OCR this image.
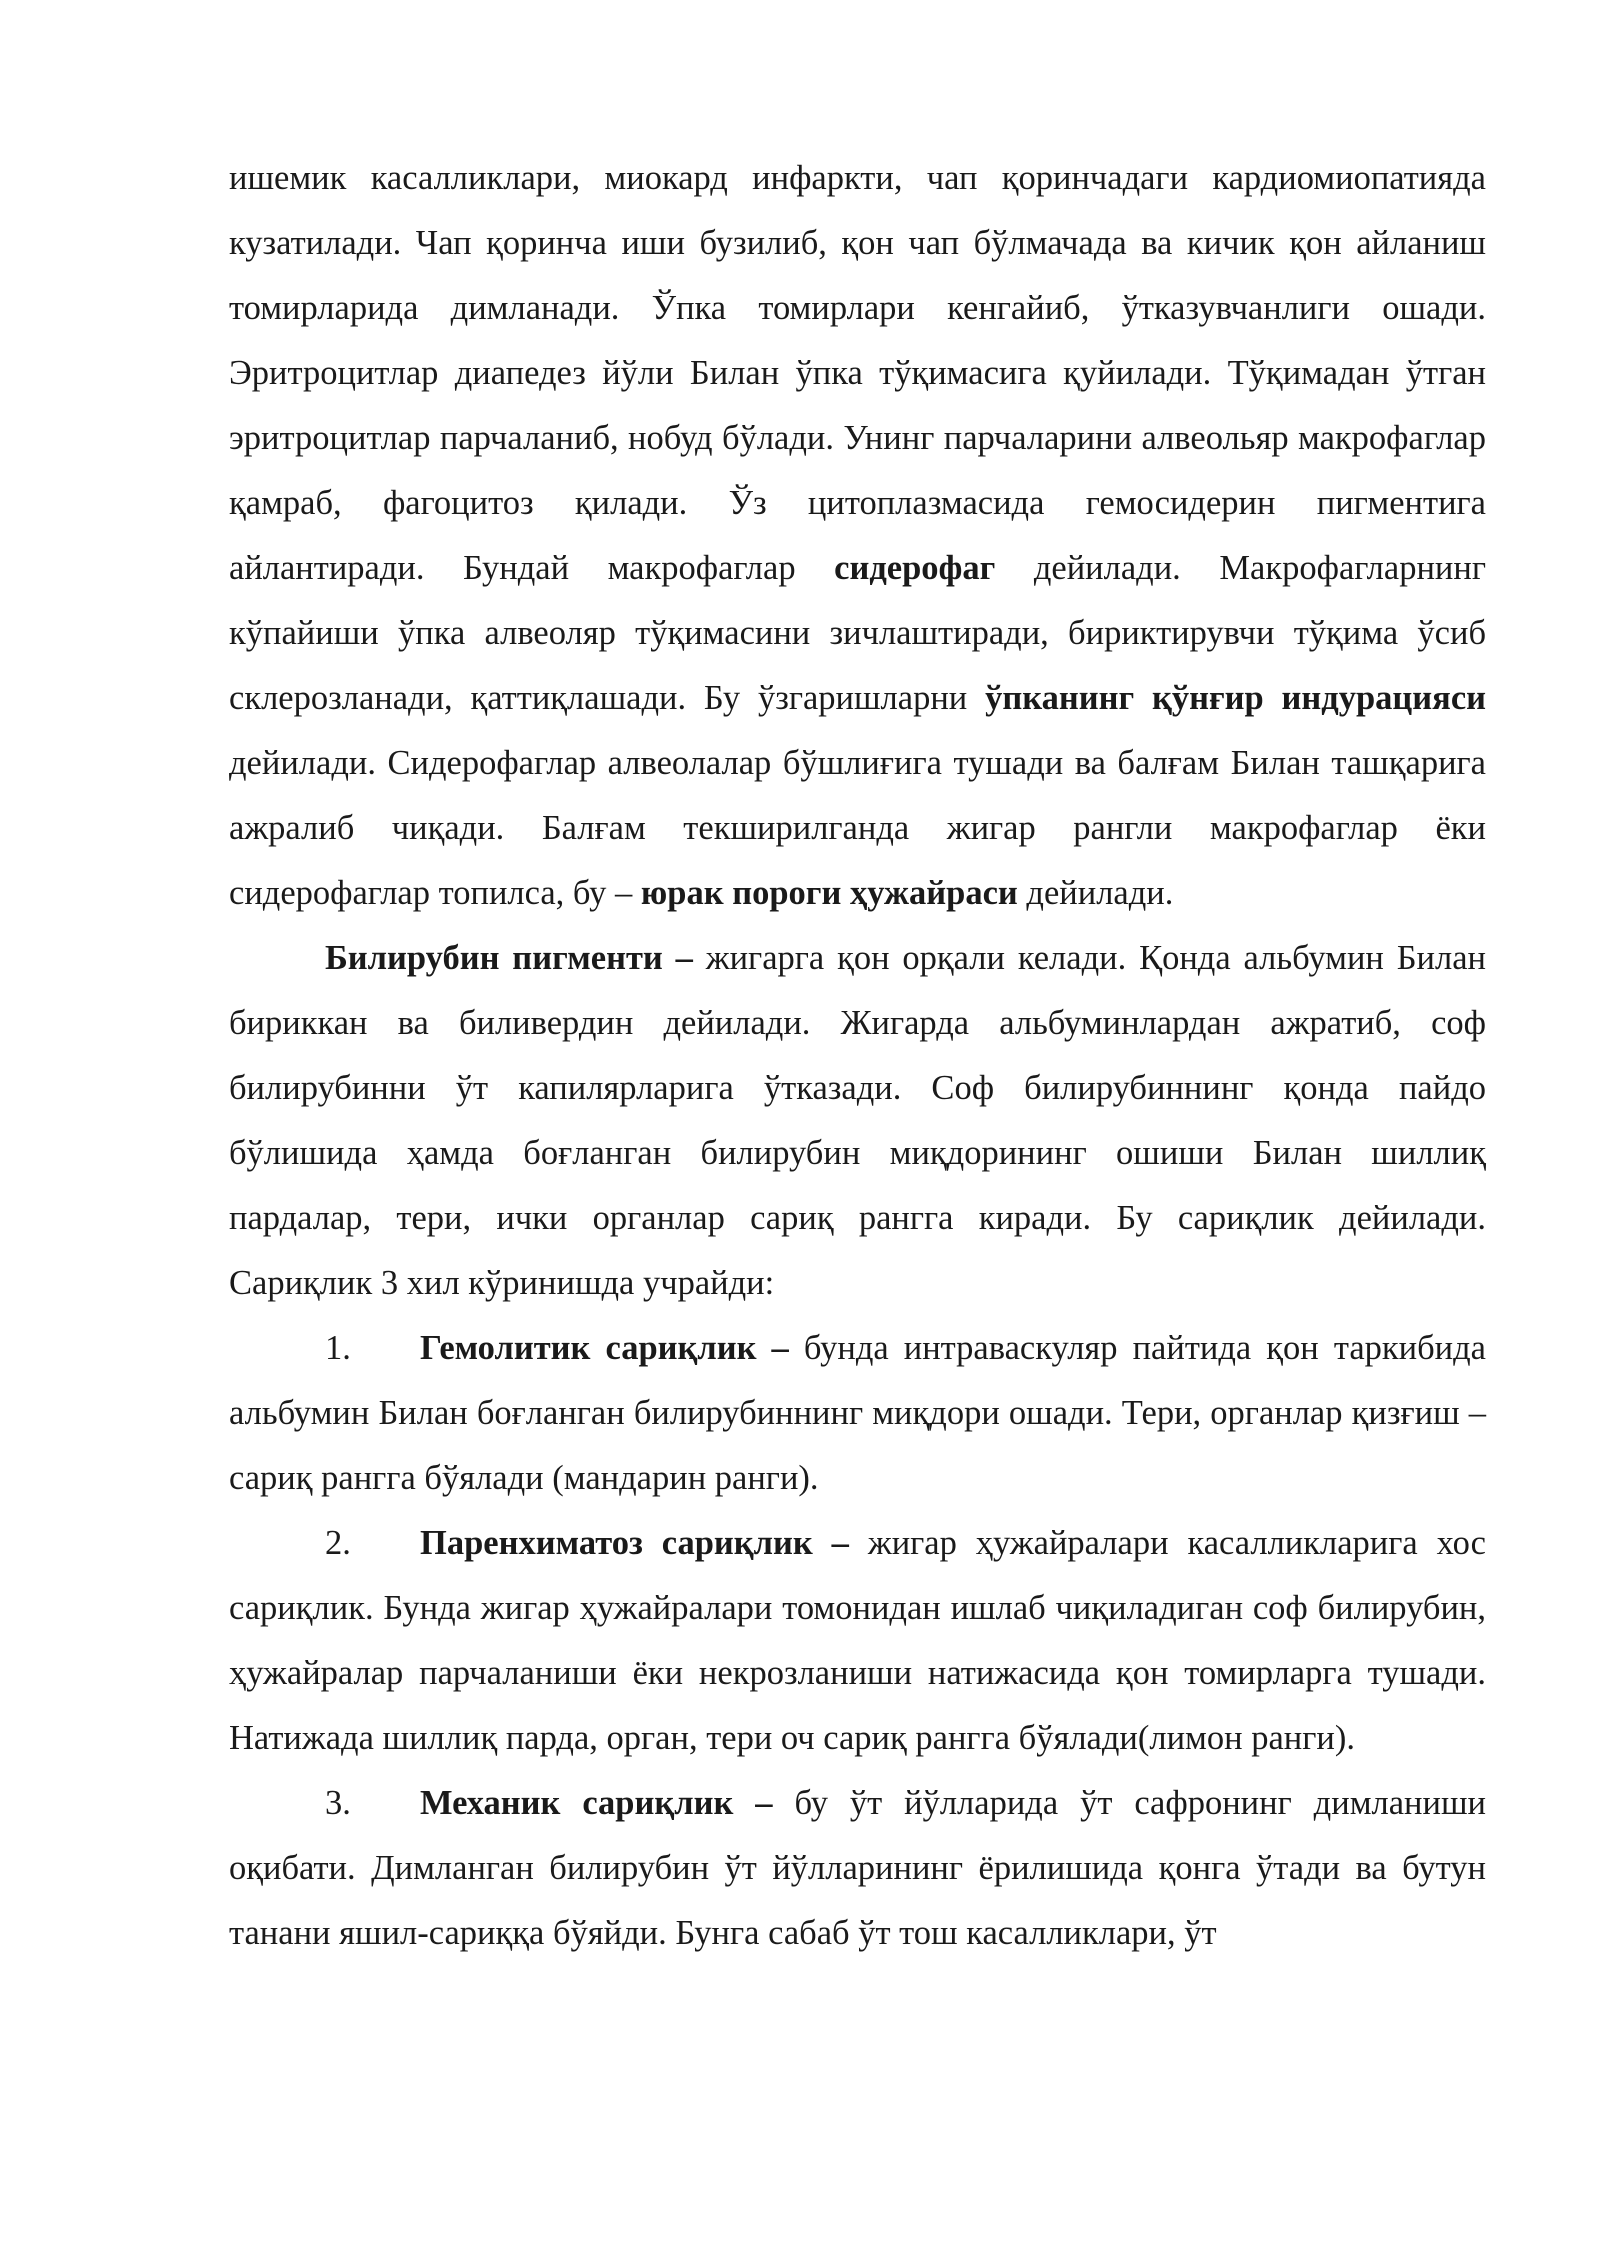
ишемик касалликлари, миокард инфаркти, чап қоринчадаги кардиомиопатияда кузатилади. Чап қоринча иши бузилиб, қон чап бўлмачада ва кичик қон айланиш томирларида димланади. Ўпка томирлари кенгайиб, ўтказувчанлиги ошади. Эритроцитлар диапедез йўли Билан ўпка тўқимасига қуйилади. Тўқимадан ўтган эритроцитлар парчаланиб, нобуд бўлади. Унинг парчаларини алвеольяр макрофаглар қамраб, фагоцитоз қилади. Ўз цитоплазмасида гемосидерин пигментига айлантиради. Бундай макрофаглар сидерофаг дейилади. Макрофагларнинг кўпайиши ўпка алвеоляр тўқимасини зичлаштиради, бириктирувчи тўқима ўсиб склерозланади, қаттиқлашади. Бу ўзгаришларни ўпканинг қўнғир индурацияси дейилади. Сидерофаглар алвеолалар бўшлиғига тушади ва балғам Билан ташқарига ажралиб чиқади. Балғам текширилганда жигар рангли макрофаглар ёки сидерофаглар топилса, бу – юрак пороги ҳужайраси дейилади.

Билирубин пигменти – жигарга қон орқали келади. Қонда альбумин Билан бириккан ва биливердин дейилади. Жигарда альбуминлардан ажратиб, соф билирубинни ўт капилярларига ўтказади. Соф билирубиннинг қонда пайдо бўлишида ҳамда боғланган билирубин миқдорининг ошиши Билан шиллиқ пардалар, тери, ички органлар сариқ рангга киради. Бу сариқлик дейилади. Сариқлик 3 хил кўринишда учрайди:

1. Гемолитик сариқлик – бунда интраваскуляр пайтида қон таркибида альбумин Билан боғланган билирубиннинг миқдори ошади. Тери, органлар қизғиш – сариқ рангга бўялади (мандарин ранги).

2. Паренхиматоз сариқлик – жигар ҳужайралари касалликларига хос сариқлик. Бунда жигар ҳужайралари томонидан ишлаб чиқиладиган соф билирубин, ҳужайралар парчаланиши ёки некрозланиши натижасида қон томирларга тушади. Натижада шиллиқ парда, орган, тери оч сариқ рангга бўялади(лимон ранги).

3. Механик сариқлик – бу ўт йўлларида ўт сафронинг димланиши оқибати. Димланган билирубин ўт йўлларининг ёрилишида қонга ўтади ва бутун танани яшил-сариққа бўяйди. Бунга сабаб ўт тош касалликлари, ўт
